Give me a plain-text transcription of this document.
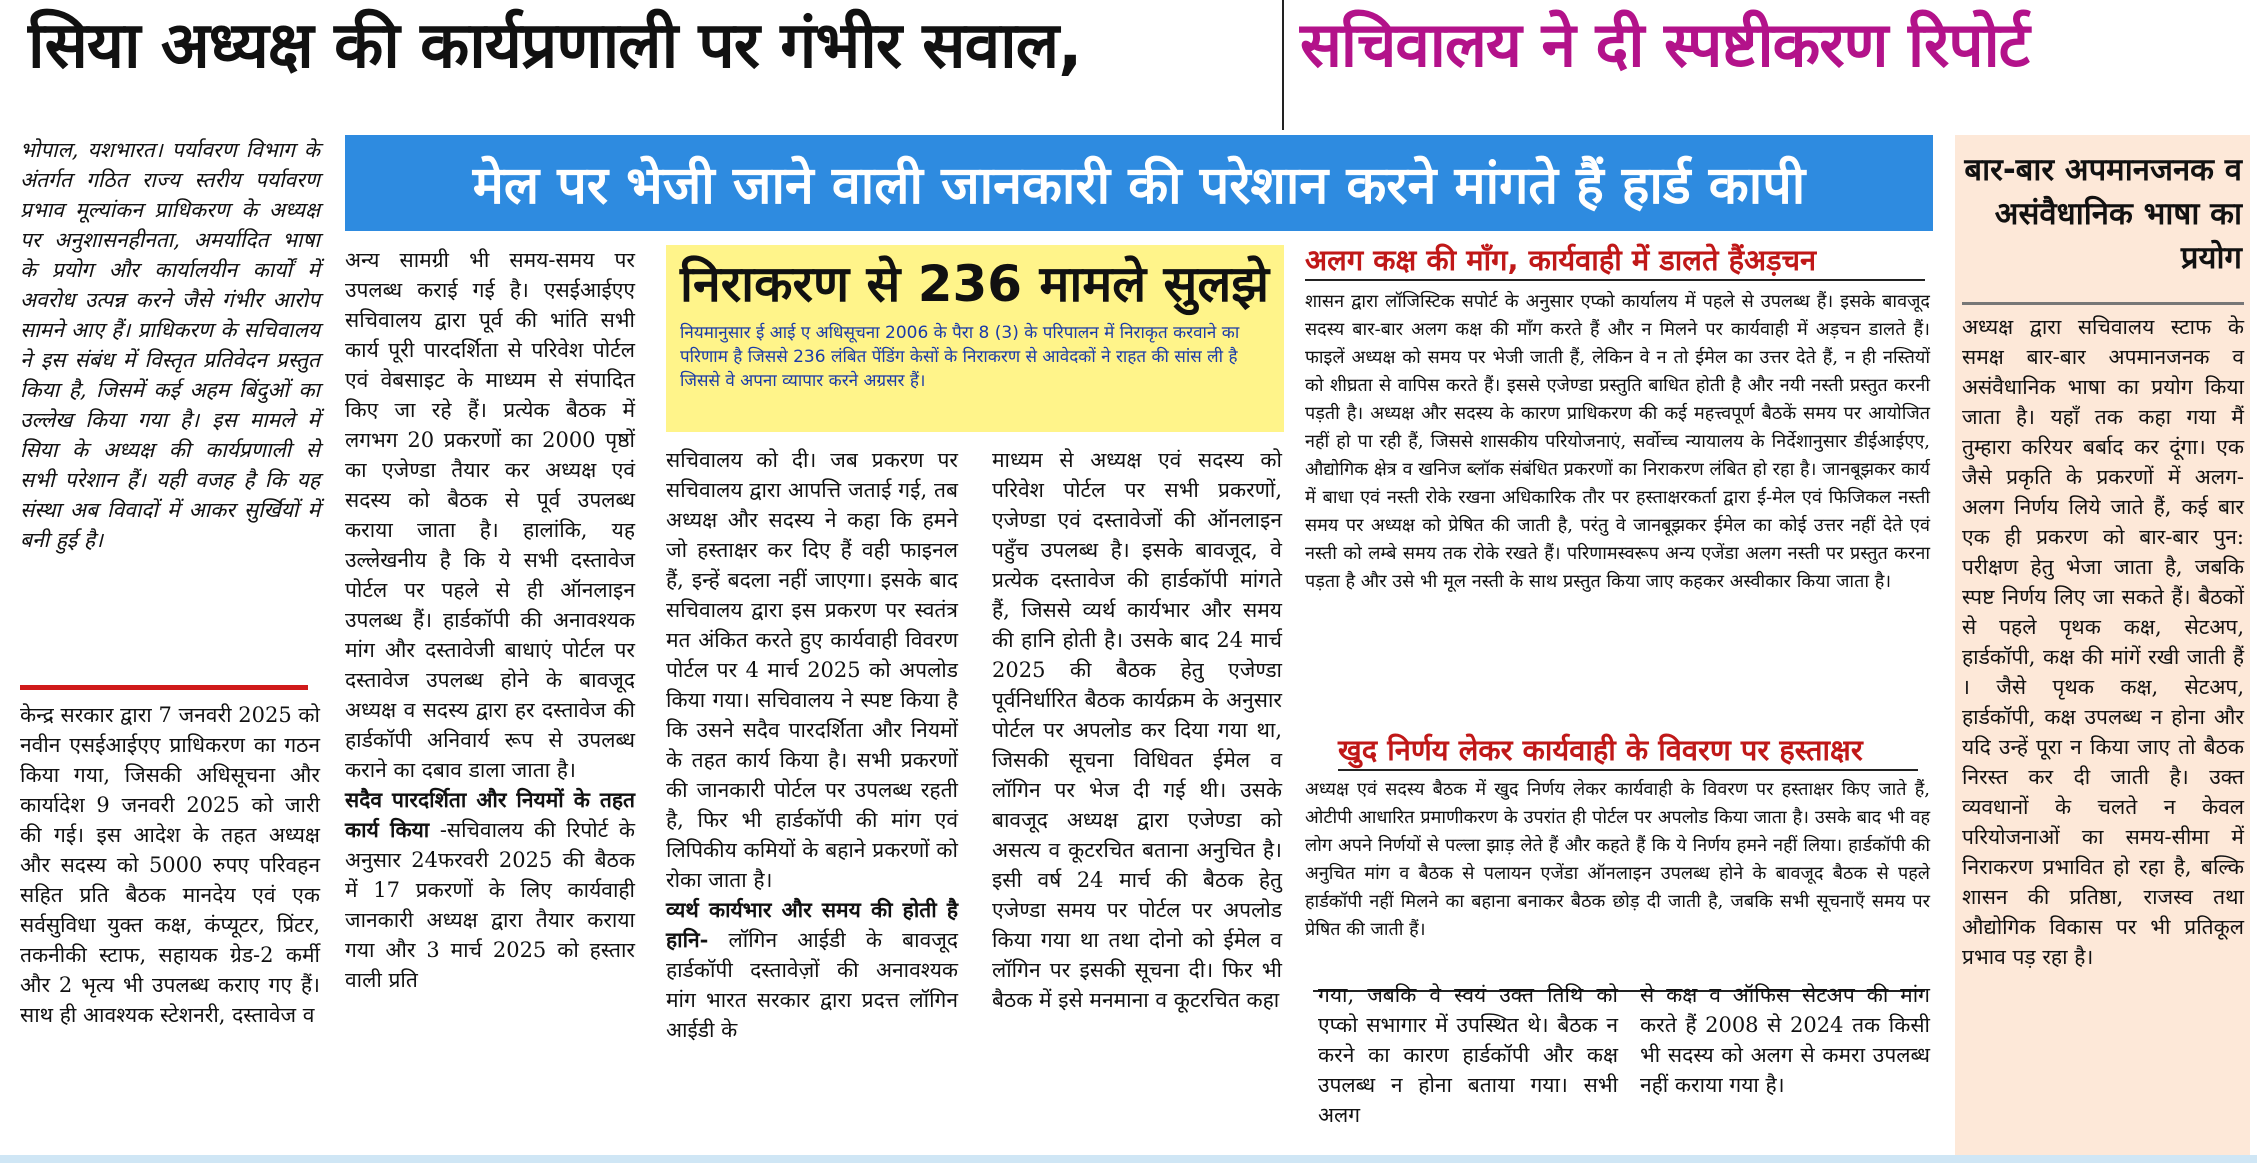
सिया अध्यक्ष की कार्यप्रणाली पर गंभीर सवाल,	सचिवालय ने दी स्पष्टीकरण रिपोर्ट
मेल पर भेजी जाने वाली जानकारी की परेशान करने मांगते हैं हार्ड कापी
भोपाल, यशभारत। पर्यावरण विभाग के अंतर्गत गठित राज्य स्तरीय पर्यावरण प्रभाव मूल्यांकन प्राधिकरण के अध्यक्ष पर अनुशासनहीनता, अमर्यादित भाषा के प्रयोग और कार्यालयीन कार्यों में अवरोध उत्पन्न करने जैसे गंभीर आरोप सामने आए हैं। प्राधिकरण के सचिवालय ने इस संबंध में विस्तृत प्रतिवेदन प्रस्तुत किया है, जिसमें कई अहम बिंदुओं का उल्लेख किया गया है। इस मामले में सिया के अध्यक्ष की कार्यप्रणाली से सभी परेशान हैं। यही वजह है कि यह संस्था अब विवादों में आकर सुर्खियों में बनी हुई है।
केन्द्र सरकार द्वारा 7 जनवरी 2025 को नवीन एसईआईएए प्राधिकरण का गठन किया गया, जिसकी अधिसूचना और कार्यादेश 9 जनवरी 2025 को जारी की गई। इस आदेश के तहत अध्यक्ष और सदस्य को 5000 रुपए परिवहन सहित प्रति बैठक मानदेय एवं एक सर्वसुविधा युक्त कक्ष, कंप्यूटर, प्रिंटर, तकनीकी स्टाफ, सहायक ग्रेड-2 कर्मी और 2 भृत्य भी उपलब्ध कराए गए हैं। साथ ही आवश्यक स्टेशनरी, दस्तावेज व
अन्य सामग्री भी समय-समय पर उपलब्ध कराई गई है। एसईआईएए सचिवालय द्वारा पूर्व की भांति सभी कार्य पूरी पारदर्शिता से परिवेश पोर्टल एवं वेबसाइट के माध्यम से संपादित किए जा रहे हैं। प्रत्येक बैठक में लगभग 20 प्रकरणों का 2000 पृष्ठों का एजेण्डा तैयार कर अध्यक्ष एवं सदस्य को बैठक से पूर्व उपलब्ध कराया जाता है। हालांकि, यह उल्लेखनीय है कि ये सभी दस्तावेज पोर्टल पर पहले से ही ऑनलाइन उपलब्ध हैं। हार्डकॉपी की अनावश्यक मांग और दस्तावेजी बाधाएं पोर्टल पर दस्तावेज उपलब्ध होने के बावजूद अध्यक्ष व सदस्य द्वारा हर दस्तावेज की हार्डकॉपी अनिवार्य रूप से उपलब्ध कराने का दबाव डाला जाता है।
सदैव पारदर्शिता और नियमों के तहत कार्य किया -सचिवालय की रिपोर्ट के अनुसार 24फरवरी 2025 की बैठक में 17 प्रकरणों के लिए कार्यवाही जानकारी अध्यक्ष द्वारा तैयार कराया गया और 3 मार्च 2025 को हस्तार वाली प्रति
निराकरण से 236 मामले सुलझे
नियमानुसार ई आई ए अधिसूचना 2006 के पैरा 8 (3) के परिपालन में निराकृत करवाने का परिणाम है जिससे 236 लंबित पेंडिंग केसों के निराकरण से आवेदकों ने राहत की सांस ली है जिससे वे अपना व्यापार करने अग्रसर हैं।
सचिवालय को दी। जब प्रकरण पर सचिवालय द्वारा आपत्ति जताई गई, तब अध्यक्ष और सदस्य ने कहा कि हमने जो हस्ताक्षर कर दिए हैं वही फाइनल हैं, इन्हें बदला नहीं जाएगा। इसके बाद सचिवालय द्वारा इस प्रकरण पर स्वतंत्र मत अंकित करते हुए कार्यवाही विवरण पोर्टल पर 4 मार्च 2025 को अपलोड किया गया। सचिवालय ने स्पष्ट किया है कि उसने सदैव पारदर्शिता और नियमों के तहत कार्य किया है। सभी प्रकरणों की जानकारी पोर्टल पर उपलब्ध रहती है, फिर भी हार्डकॉपी की मांग एवं लिपिकीय कमियों के बहाने प्रकरणों को रोका जाता है।
व्यर्थ कार्यभार और समय की होती है हानि- लॉगिन आईडी के बावजूद हार्डकॉपी दस्तावेज़ों की अनावश्यक मांग भारत सरकार द्वारा प्रदत्त लॉगिन आईडी के
माध्यम से अध्यक्ष एवं सदस्य को परिवेश पोर्टल पर सभी प्रकरणों, एजेण्डा एवं दस्तावेजों की ऑनलाइन पहुँच उपलब्ध है। इसके बावजूद, वे प्रत्येक दस्तावेज की हार्डकॉपी मांगते हैं, जिससे व्यर्थ कार्यभार और समय की हानि होती है। उसके बाद 24 मार्च 2025 की बैठक हेतु एजेण्डा पूर्वनिर्धारित बैठक कार्यक्रम के अनुसार पोर्टल पर अपलोड कर दिया गया था, जिसकी सूचना विधिवत ईमेल व लॉगिन पर भेज दी गई थी। उसके बावजूद अध्यक्ष द्वारा एजेण्डा को असत्य व कूटरचित बताना अनुचित है। इसी वर्ष 24 मार्च की बैठक हेतु एजेण्डा समय पर पोर्टल पर अपलोड किया गया था तथा दोनो को ईमेल व लॉगिन पर इसकी सूचना दी। फिर भी बैठक में इसे मनमाना व कूटरचित कहा
अलग कक्ष की माँग, कार्यवाही में डालते हैंअड़चन
शासन द्वारा लॉजिस्टिक सपोर्ट के अनुसार एप्को कार्यालय में पहले से उपलब्ध हैं। इसके बावजूद सदस्य बार-बार अलग कक्ष की माँग करते हैं और न मिलने पर कार्यवाही में अड़चन डालते हैं। फाइलें अध्यक्ष को समय पर भेजी जाती हैं, लेकिन वे न तो ईमेल का उत्तर देते हैं, न ही नस्तियों को शीघ्रता से वापिस करते हैं। इससे एजेण्डा प्रस्तुति बाधित होती है और नयी नस्ती प्रस्तुत करनी पड़ती है। अध्यक्ष और सदस्य के कारण प्राधिकरण की कई महत्त्वपूर्ण बैठकें समय पर आयोजित नहीं हो पा रही हैं, जिससे शासकीय परियोजनाएं, सर्वोच्च न्यायालय के निर्देशानुसार डीईआईएए, औद्योगिक क्षेत्र व खनिज ब्लॉक संबंधित प्रकरणों का निराकरण लंबित हो रहा है। जानबूझकर कार्य में बाधा एवं नस्ती रोके रखना अधिकारिक तौर पर हस्ताक्षरकर्ता द्वारा ई-मेल एवं फिजिकल नस्ती समय पर अध्यक्ष को प्रेषित की जाती है, परंतु वे जानबूझकर ईमेल का कोई उत्तर नहीं देते एवं नस्ती को लम्बे समय तक रोके रखते हैं। परिणामस्वरूप अन्य एजेंडा अलग नस्ती पर प्रस्तुत करना पड़ता है और उसे भी मूल नस्ती के साथ प्रस्तुत किया जाए कहकर अस्वीकार किया जाता है।
खुद निर्णय लेकर कार्यवाही के विवरण पर हस्ताक्षर
अध्यक्ष एवं सदस्य बैठक में खुद निर्णय लेकर कार्यवाही के विवरण पर हस्ताक्षर किए जाते हैं, ओटीपी आधारित प्रमाणीकरण के उपरांत ही पोर्टल पर अपलोड किया जाता है। उसके बाद भी वह लोग अपने निर्णयों से पल्ला झाड़ लेते हैं और कहते हैं कि ये निर्णय हमने नहीं लिया। हार्डकॉपी की अनुचित मांग व बैठक से पलायन एजेंडा ऑनलाइन उपलब्ध होने के बावजूद बैठक से पहले हार्डकॉपी नहीं मिलने का बहाना बनाकर बैठक छोड़ दी जाती है, जबकि सभी सूचनाएँ समय पर प्रेषित की जाती हैं।
गया, जबकि वे स्वयं उक्त तिथि को एप्को सभागार में उपस्थित थे। बैठक न करने का कारण हार्डकॉपी और कक्ष उपलब्ध न होना बताया गया। सभी अलग
से कक्ष व ऑफिस सेटअप की मांग करते हैं 2008 से 2024 तक किसी भी सदस्य को अलग से कमरा उपलब्ध नहीं कराया गया है।
बार-बार अपमानजनक व असंवैधानिक भाषा का प्रयोग
अध्यक्ष द्वारा सचिवालय स्टाफ के समक्ष बार-बार अपमानजनक व असंवैधानिक भाषा का प्रयोग किया जाता है। यहाँ तक कहा गया मैं तुम्हारा करियर बर्बाद कर दूंगा। एक जैसे प्रकृति के प्रकरणों में अलग-अलग निर्णय लिये जाते हैं, कई बार एक ही प्रकरण को बार-बार पुन: परीक्षण हेतु भेजा जाता है, जबकि स्पष्ट निर्णय लिए जा सकते हैं। बैठकों से पहले पृथक कक्ष, सेटअप, हार्डकॉपी, कक्ष की मांगें रखी जाती हैं । जैसे पृथक कक्ष, सेटअप, हार्डकॉपी, कक्ष उपलब्ध न होना और यदि उन्हें पूरा न किया जाए तो बैठक निरस्त कर दी जाती है। उक्त व्यवधानों के चलते न केवल परियोजनाओं का समय-सीमा में निराकरण प्रभावित हो रहा है, बल्कि शासन की प्रतिष्ठा, राजस्व तथा औद्योगिक विकास पर भी प्रतिकूल प्रभाव पड़ रहा है।
